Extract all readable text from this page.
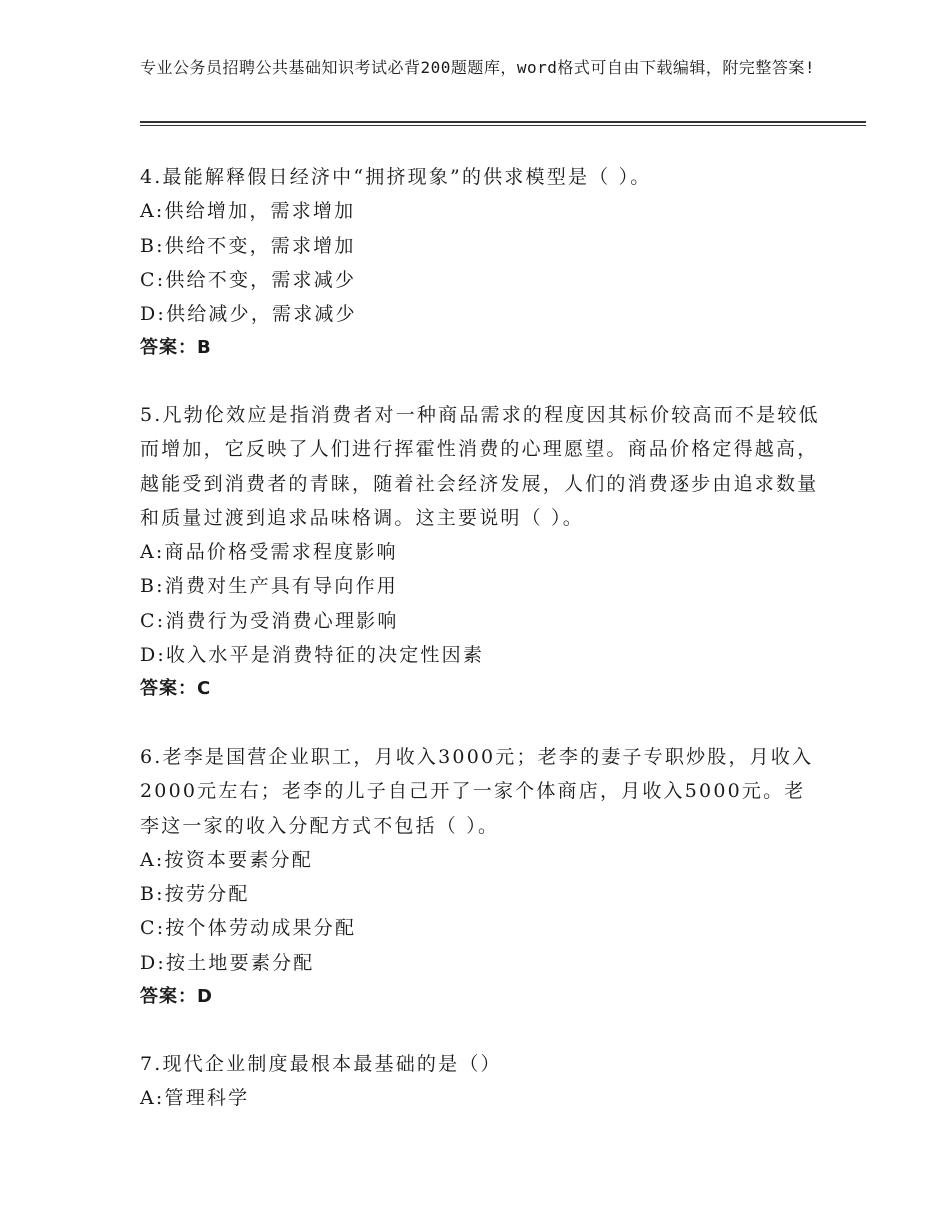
专业公务员招聘公共基础知识考试必背200题题库，word格式可自由下载编辑，附完整答案!

4.最能解释假日经济中“拥挤现象”的供求模型是（ ）。

A:供给增加，需求增加

B:供给不变，需求增加

C:供给不变，需求减少

D:供给减少，需求减少

答案：B

5.凡勃伦效应是指消费者对一种商品需求的程度因其标价较高而不是较低而增加，它反映了人们进行挥霍性消费的心理愿望。商品价格定得越高，越能受到消费者的青睐，随着社会经济发展，人们的消费逐步由追求数量和质量过渡到追求品味格调。这主要说明（ ）。

A:商品价格受需求程度影响

B:消费对生产具有导向作用

C:消费行为受消费心理影响

D:收入水平是消费特征的决定性因素

答案：C

6.老李是国营企业职工，月收入3000元；老李的妻子专职炒股，月收入2000元左右；老李的儿子自己开了一家个体商店，月收入5000元。老李这一家的收入分配方式不包括（ ）。

A:按资本要素分配

B:按劳分配

C:按个体劳动成果分配

D:按土地要素分配

答案：D

7.现代企业制度最根本最基础的是（）

A:管理科学
